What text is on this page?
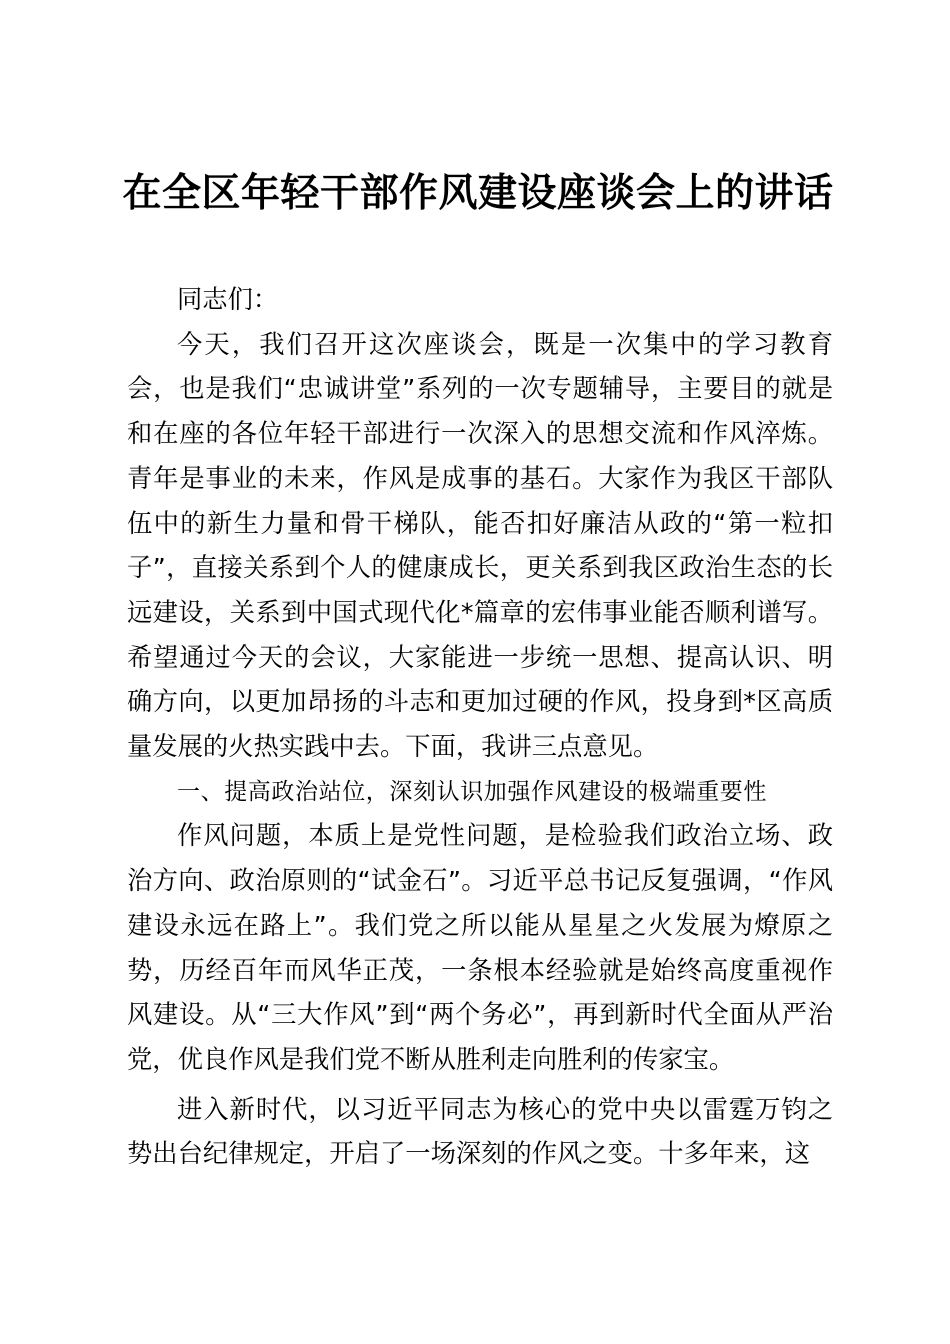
在全区年轻干部作风建设座谈会上的讲话

同志们：

今天，我们召开这次座谈会，既是一次集中的学习教育会，也是我们“忠诚讲堂”系列的一次专题辅导，主要目的就是和在座的各位年轻干部进行一次深入的思想交流和作风淬炼。青年是事业的未来，作风是成事的基石。大家作为我区干部队伍中的新生力量和骨干梯队，能否扣好廉洁从政的“第一粒扣子”，直接关系到个人的健康成长，更关系到我区政治生态的长远建设，关系到中国式现代化*篇章的宏伟事业能否顺利谱写。希望通过今天的会议，大家能进一步统一思想、提高认识、明确方向，以更加昂扬的斗志和更加过硬的作风，投身到*区高质量发展的火热实践中去。下面，我讲三点意见。

一、提高政治站位，深刻认识加强作风建设的极端重要性

作风问题，本质上是党性问题，是检验我们政治立场、政治方向、政治原则的“试金石”。习近平总书记反复强调，“作风建设永远在路上”。我们党之所以能从星星之火发展为燎原之势，历经百年而风华正茂，一条根本经验就是始终高度重视作风建设。从“三大作风”到“两个务必”，再到新时代全面从严治党，优良作风是我们党不断从胜利走向胜利的传家宝。

进入新时代，以习近平同志为核心的党中央以雷霆万钧之势出台纪律规定，开启了一场深刻的作风之变。十多年来，这
